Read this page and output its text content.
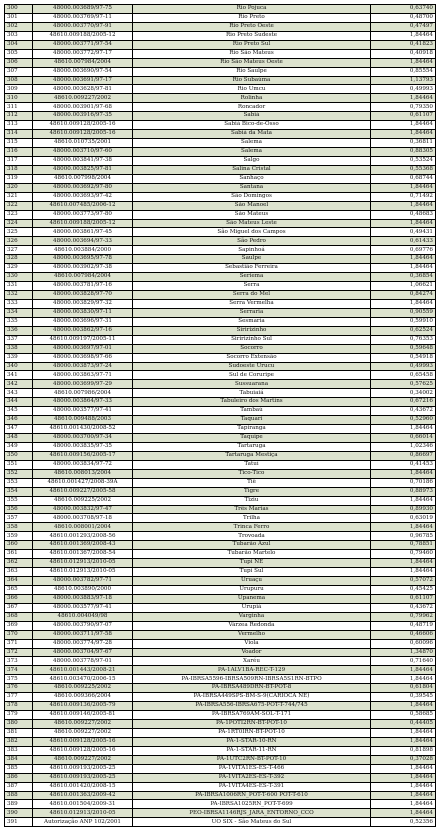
300	48000.003689/97-75	Rio Pojuca	0,63740
301	48000.003769/97-11	Rio Preto	0,48700
302	48000.003770/97-91	Rio Preto Oeste	0,47497
303	48610.009188/2005-12	Rio Preto Sudeste	1,84464
304	48000.003771/97-54	Rio Preto Sul	0,41823
305	48000.003772/97-17	Rio São Mateus	0,40918
306	48610.007984/2004	Rio São Mateus Oeste	1,84464
307	48000.003690/97-54	Rio Saulpe	0,85554
308	48000.003691/97-17	Rio Subaúma	1,13793
309	48000.003628/97-81	Rio Umcu	0,49993
310	48610.009227/2002	Rolinha	1,84464
311	48000.003901/97-68	Roncador	0,79350
312	48000.003916/97-35	Sabiá	0,61107
313	48610.009128/2005-16	Sabiá Bico-de-Osso	1,84464
314	48610.009128/2005-16	Sabiá da Mata	1,84464
315	48610.010735/2001	Salema	0,36811
316	48000.003710/97-60	Salema	0,88305
317	48000.003841/97-38	Salgo	0,53524
318	48000.003825/97-81	Salina Cristal	0,55368
319	48610.007998/2004	Sanhaço	0,68744
320	48000.003692/97-80	Santana	1,84464
321	48000.003693/97-42	São Domingos	0,71492
322	48610.007485/2006-12	São Manoel	1,84464
323	48000.003773/97-80	São Mateus	0,48683
324	48610.009188/2005-12	São Mateus Leste	1,84464
325	48000.003861/97-45	São Miguel dos Campos	0,49431
326	48000.003694/97-33	São Pedro	0,61433
327	48610.003884/2000	Sapinhoá	0,69776
328	48000.003695/97-78	Saulpe	1,84464
329	48000.003902/97-38	Sebastião Ferreira	1,84464
330	48610.007984/2004	Seriema	0,36854
331	48000.003781/97-16	Serra	1,06621
332	48000.003828/97-70	Serra do Mel	0,84274
333	48000.003829/97-32	Serra Vermelha	1,84464
334	48000.003830/97-11	Serraria	0,90559
335	48000.003696/97-31	Sesmaria	0,59910
336	48000.003862/97-16	Siririzinho	0,62524
337	48610.009197/2005-11	Siririzinho Sul	0,76353
338	48000.003697/97-01	Socorro	0,59648
339	48000.003698/97-66	Socorro Extensão	0,54918
340	48000.003873/97-24	Sudoeste Urucu	0,49993
341	48000.003863/97-71	Sul de Coruripe	0,65458
342	48000.003699/97-29	Sussuarana	0,57625
343	48610.007986/2004	Tabuiaiá	0,34002
344	48000.003864/97-33	Tabuleiro dos Martins	0,67216
345	48000.003577/97-41	Tambaú	0,43672
346	48610.009488/2003	Taquari	0,52960
347	48610.001430/2008-52	Tapiranga	1,84464
348	48000.003700/97-34	Taquipe	0,66014
349	48000.003835/97-35	Tartaruga	1,02346
350	48610.009156/2005-17	Tartaruga Mestiça	0,86697
351	48000.003834/97-72	Tatuí	0,41453
352	48610.008013/2004	Tico-Tico	1,84464
353	48610.001427/2008-39A	Tiê	0,70186
354	48610.009227/2005-58	Tigre	0,88973
355	48610.009225/2002	Tiziu	1,84464
356	48000.003832/97-47	Três Marias	0,89930
357	48000.003708/97-18	Trilha	0,63019
358	48610.008001/2004	Trinca Ferro	1,84464
359	48610.001293/2008-56	Trovoada	0,96785
360	48610.001369/2008-43	Tubarão Azul	0,78851
361	48610.001367/2008-54	Tubarão Martelo	0,79460
362	48610.012913/2010-05	Tupi NE	1,84464
363	48610.012913/2010-05	Tupi Sul	1,84464
364	48000.003782/97-71	Uruaçu	0,57072
365	48610.003890/2000	Urupuru	0,45425
366	48000.003883/97-18	Upanema	0,61107
367	48000.003577/97-41	Urupiá	0,43672
368	48610.004049/98	Varginha	0,79962
369	48000.003790/97-07	Várzea Redonda	0,48719
370	48000.003711/97-58	Vermelho	0,46606
371	48000.003774/97-28	Viola	0,60096
372	48000.003704/97-67	Voador	1,34870
373	48000.003778/97-01	Xaréu	0,71640
374	48610.001443/2008-21	PA-1ALV1BA-REC-T-129	1,84464
375	48610.003470/2006-15	PA-IBRSA5596-IBRSA509RN-IBRSA5S1RN-BTPO	1,84464
376	48610.009225/2002	PA-IBRSA489DRN-BT-POT-8	0,61804
377	48610.009366/2004	PA-IBRSA449SPS-BM-S-9(CARIOCA NE)	0,39545
378	48610.009136/2005-79	PA-IBRSA556-IBRSA675-POT-T-744/745	1,84464
379	48610.009146/2005-81	PA-IBRSA769AM-SOL-T-171	0,58685
380	48610.009227/2002	PA-1POTI2RN-BT-POT-10	0,44405
381	48610.009227/2002	PA-1RT0IRN-BT-POT-10	1,84464
382	48610.009128/2005-16	PA-1-STAR-10-RN	1,84464
383	48610.009128/2005-16	PA-1-STAR-11-RN	0,81898
384	48610.009227/2002	PA-1UTC2RN-BT-POT-10	0,37028
385	48610.009193/2005-25	PA-1VITA1ES-ES-T-466	1,84464
386	48610.009193/2005-25	PA-1VITA2ES-ES-T-392	1,84464
387	48610.001420/2008-15	PA-1VITA4ES-ES-T-391	1,84464
388	48610.001363/2009-42	PA-IBRSA1006RN_POT-T-600 POT-T-610	1,84464
389	48610.001504/2009-31	PA-IBRSA1025RN_POT-T-699	1,84464
390	48610.012913/2010-05	PEO-IBRSA1146RJS_JARA_ENTORNO_CCO	1,84464
391	Autorização ANP 102/2001	UO SIX - São Mateus do Sul	0,52356
